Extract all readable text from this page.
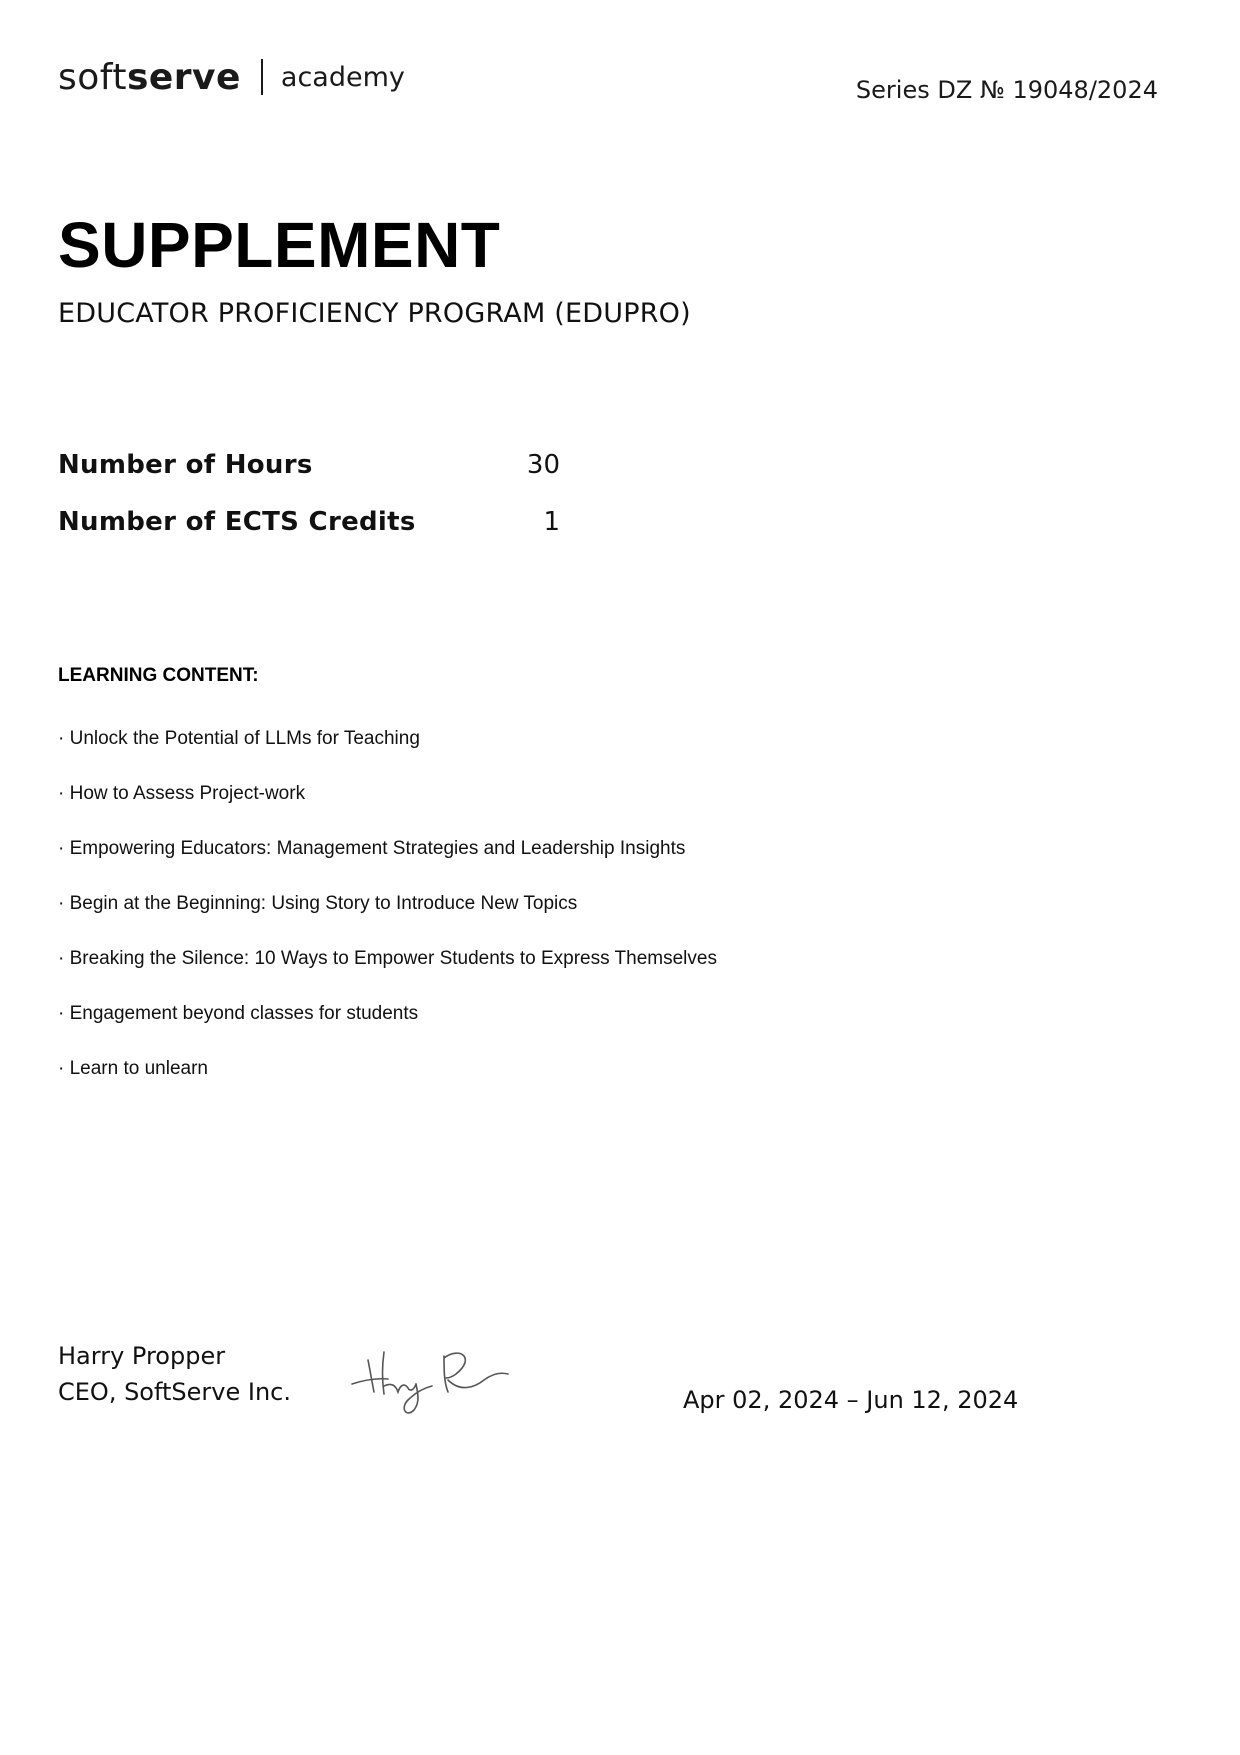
soft serve academy	Series DZ № 19048/2024
SUPPLEMENT
EDUCATOR PROFICIENCY PROGRAM (EDUPRO)
Number of Hours	30
Number of ECTS Credits	1
LEARNING CONTENT:
· Unlock the Potential of LLMs for Teaching
· How to Assess Project-work
· Empowering Educators: Management Strategies and Leadership Insights
· Begin at the Beginning: Using Story to Introduce New Topics
· Breaking the Silence: 10 Ways to Empower Students to Express Themselves
· Engagement beyond classes for students
· Learn to unlearn
Harry Propper
CEO, SoftServe Inc.	Apr 02, 2024 – Jun 12, 2024
